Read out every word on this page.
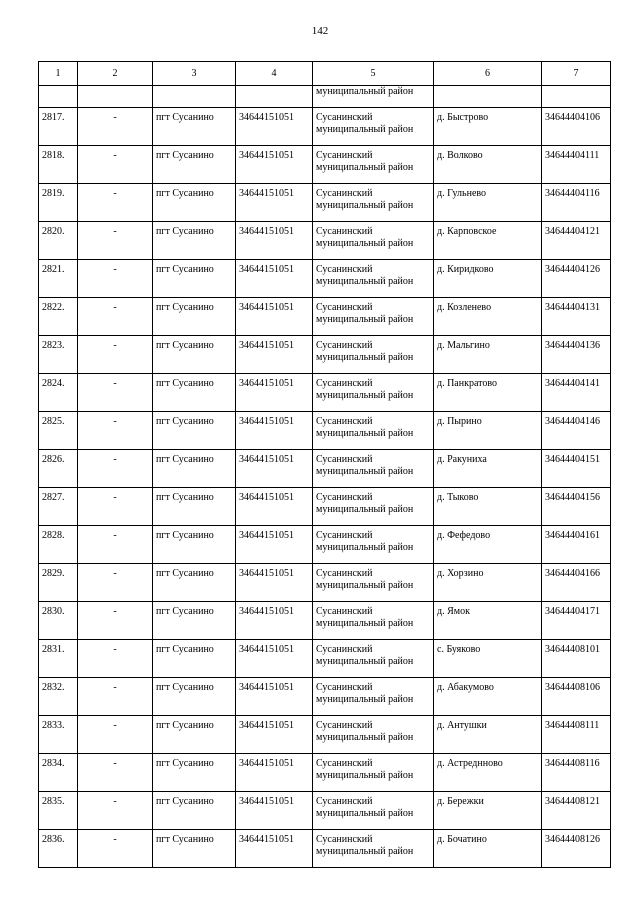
142
1	2	3	4	5	6	7
				муниципальный район		
2817.	-	пгт Сусанино	34644151051	Сусанинский
муниципальный район	д. Быстрово	34644404106
2818.	-	пгт Сусанино	34644151051	Сусанинский
муниципальный район	д. Волково	34644404111
2819.	-	пгт Сусанино	34644151051	Сусанинский
муниципальный район	д. Гульнево	34644404116
2820.	-	пгт Сусанино	34644151051	Сусанинский
муниципальный район	д. Карповское	34644404121
2821.	-	пгт Сусанино	34644151051	Сусанинский
муниципальный район	д. Киридково	34644404126
2822.	-	пгт Сусанино	34644151051	Сусанинский
муниципальный район	д. Козленево	34644404131
2823.	-	пгт Сусанино	34644151051	Сусанинский
муниципальный район	д. Мальгино	34644404136
2824.	-	пгт Сусанино	34644151051	Сусанинский
муниципальный район	д. Панкратово	34644404141
2825.	-	пгт Сусанино	34644151051	Сусанинский
муниципальный район	д. Пырино	34644404146
2826.	-	пгт Сусанино	34644151051	Сусанинский
муниципальный район	д. Ракуниха	34644404151
2827.	-	пгт Сусанино	34644151051	Сусанинский
муниципальный район	д. Тыково	34644404156
2828.	-	пгт Сусанино	34644151051	Сусанинский
муниципальный район	д. Фефедово	34644404161
2829.	-	пгт Сусанино	34644151051	Сусанинский
муниципальный район	д. Хорзино	34644404166
2830.	-	пгт Сусанино	34644151051	Сусанинский
муниципальный район	д. Ямок	34644404171
2831.	-	пгт Сусанино	34644151051	Сусанинский
муниципальный район	с. Буяково	34644408101
2832.	-	пгт Сусанино	34644151051	Сусанинский
муниципальный район	д. Абакумово	34644408106
2833.	-	пгт Сусанино	34644151051	Сусанинский
муниципальный район	д. Антушки	34644408111
2834.	-	пгт Сусанино	34644151051	Сусанинский
муниципальный район	д. Астреднново	34644408116
2835.	-	пгт Сусанино	34644151051	Сусанинский
муниципальный район	д. Бережки	34644408121
2836.	-	пгт Сусанино	34644151051	Сусанинский
муниципальный район	д. Бочатино	34644408126
